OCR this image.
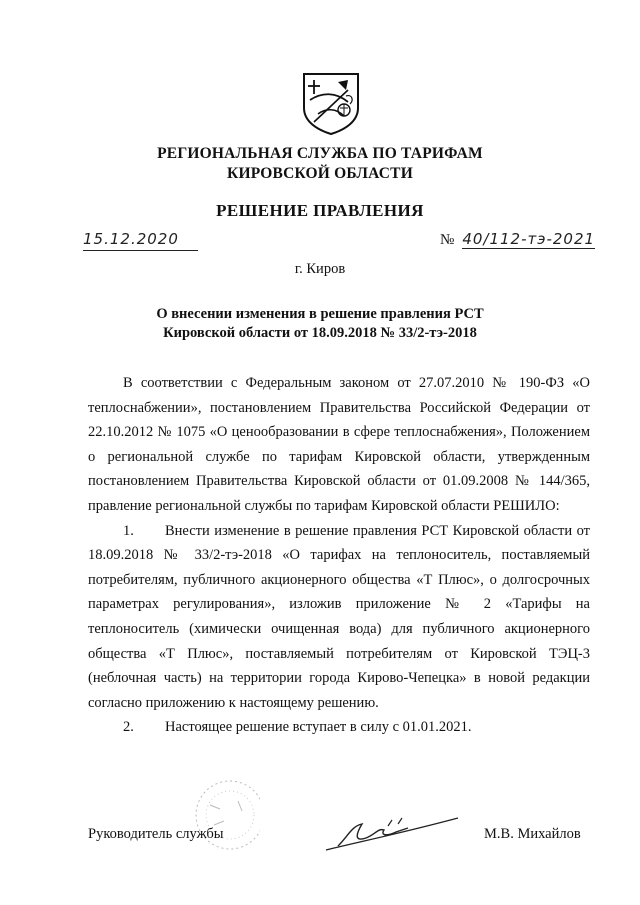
РЕГИОНАЛЬНАЯ СЛУЖБА ПО ТАРИФАМ
КИРОВСКОЙ ОБЛАСТИ
РЕШЕНИЕ ПРАВЛЕНИЯ
15.12.2020	№ 40/112-тэ-2021
г. Киров
О внесении изменения в решение правления РСТ
Кировской области от 18.09.2018 № 33/2-тэ-2018

В соответствии с Федеральным законом от 27.07.2010 № 190-ФЗ «О теплоснабжении», постановлением Правительства Российской Федерации от 22.10.2012 № 1075 «О ценообразовании в сфере теплоснабжения», Положением о региональной службе по тарифам Кировской области, утвержденным постановлением Правительства Кировской области от 01.09.2008 № 144/365, правление региональной службы по тарифам Кировской области РЕШИЛО:

1. Внести изменение в решение правления РСТ Кировской области от 18.09.2018 № 33/2-тэ-2018 «О тарифах на теплоноситель, поставляемый потребителям, публичного акционерного общества «Т Плюс», о долгосрочных параметрах регулирования», изложив приложение № 2 «Тарифы на теплоноситель (химически очищенная вода) для публичного акционерного общества «Т Плюс», поставляемый потребителям от Кировской ТЭЦ-3 (неблочная часть) на территории города Кирово-Чепецка» в новой редакции согласно приложению к настоящему решению.

2. Настоящее решение вступает в силу с 01.01.2021.

Руководитель службы	М.В. Михайлов
